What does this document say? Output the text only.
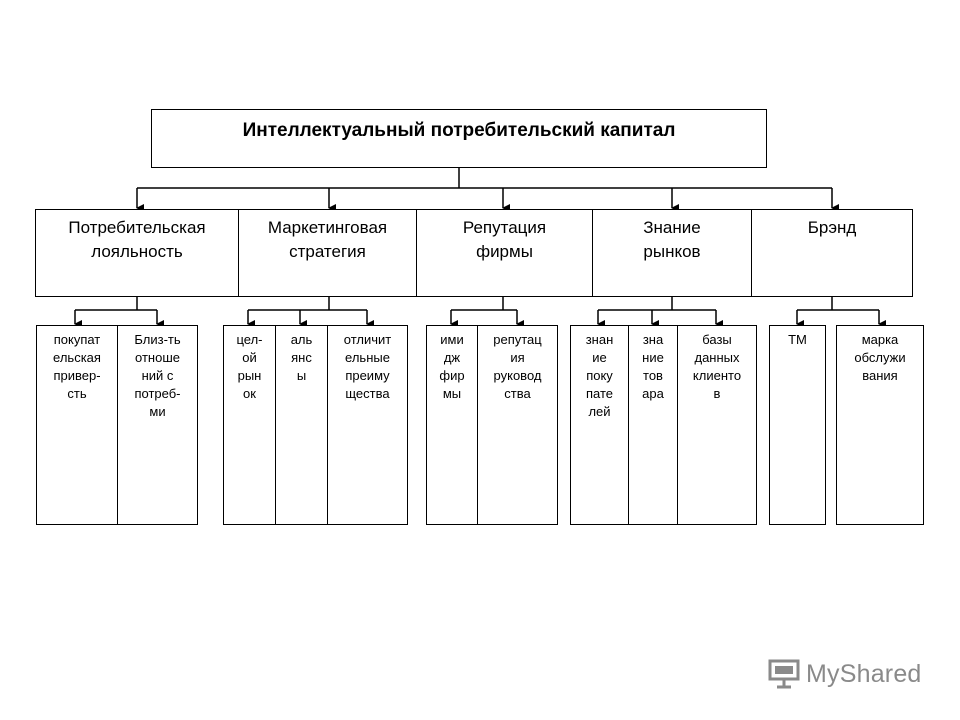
Интеллектуальный потребительский капитал
Потребительская
лояльность
Маркетинговая
стратегия
Репутация
фирмы
Знание
рынков
Брэнд
покупат
ельская
привер-
сть
Близ-ть
отноше
ний с
потреб-
ми
цел-
ой
рын
ок
аль
янс
ы
отличит
ельные
преиму
щества
ими
дж
фир
мы
репутац
ия
руковод
ства
знан
ие
поку
пате
лей
зна
ние
тов
ара
базы
данных
клиенто
в
ТМ	марка
обслужи
вания
MyShared
